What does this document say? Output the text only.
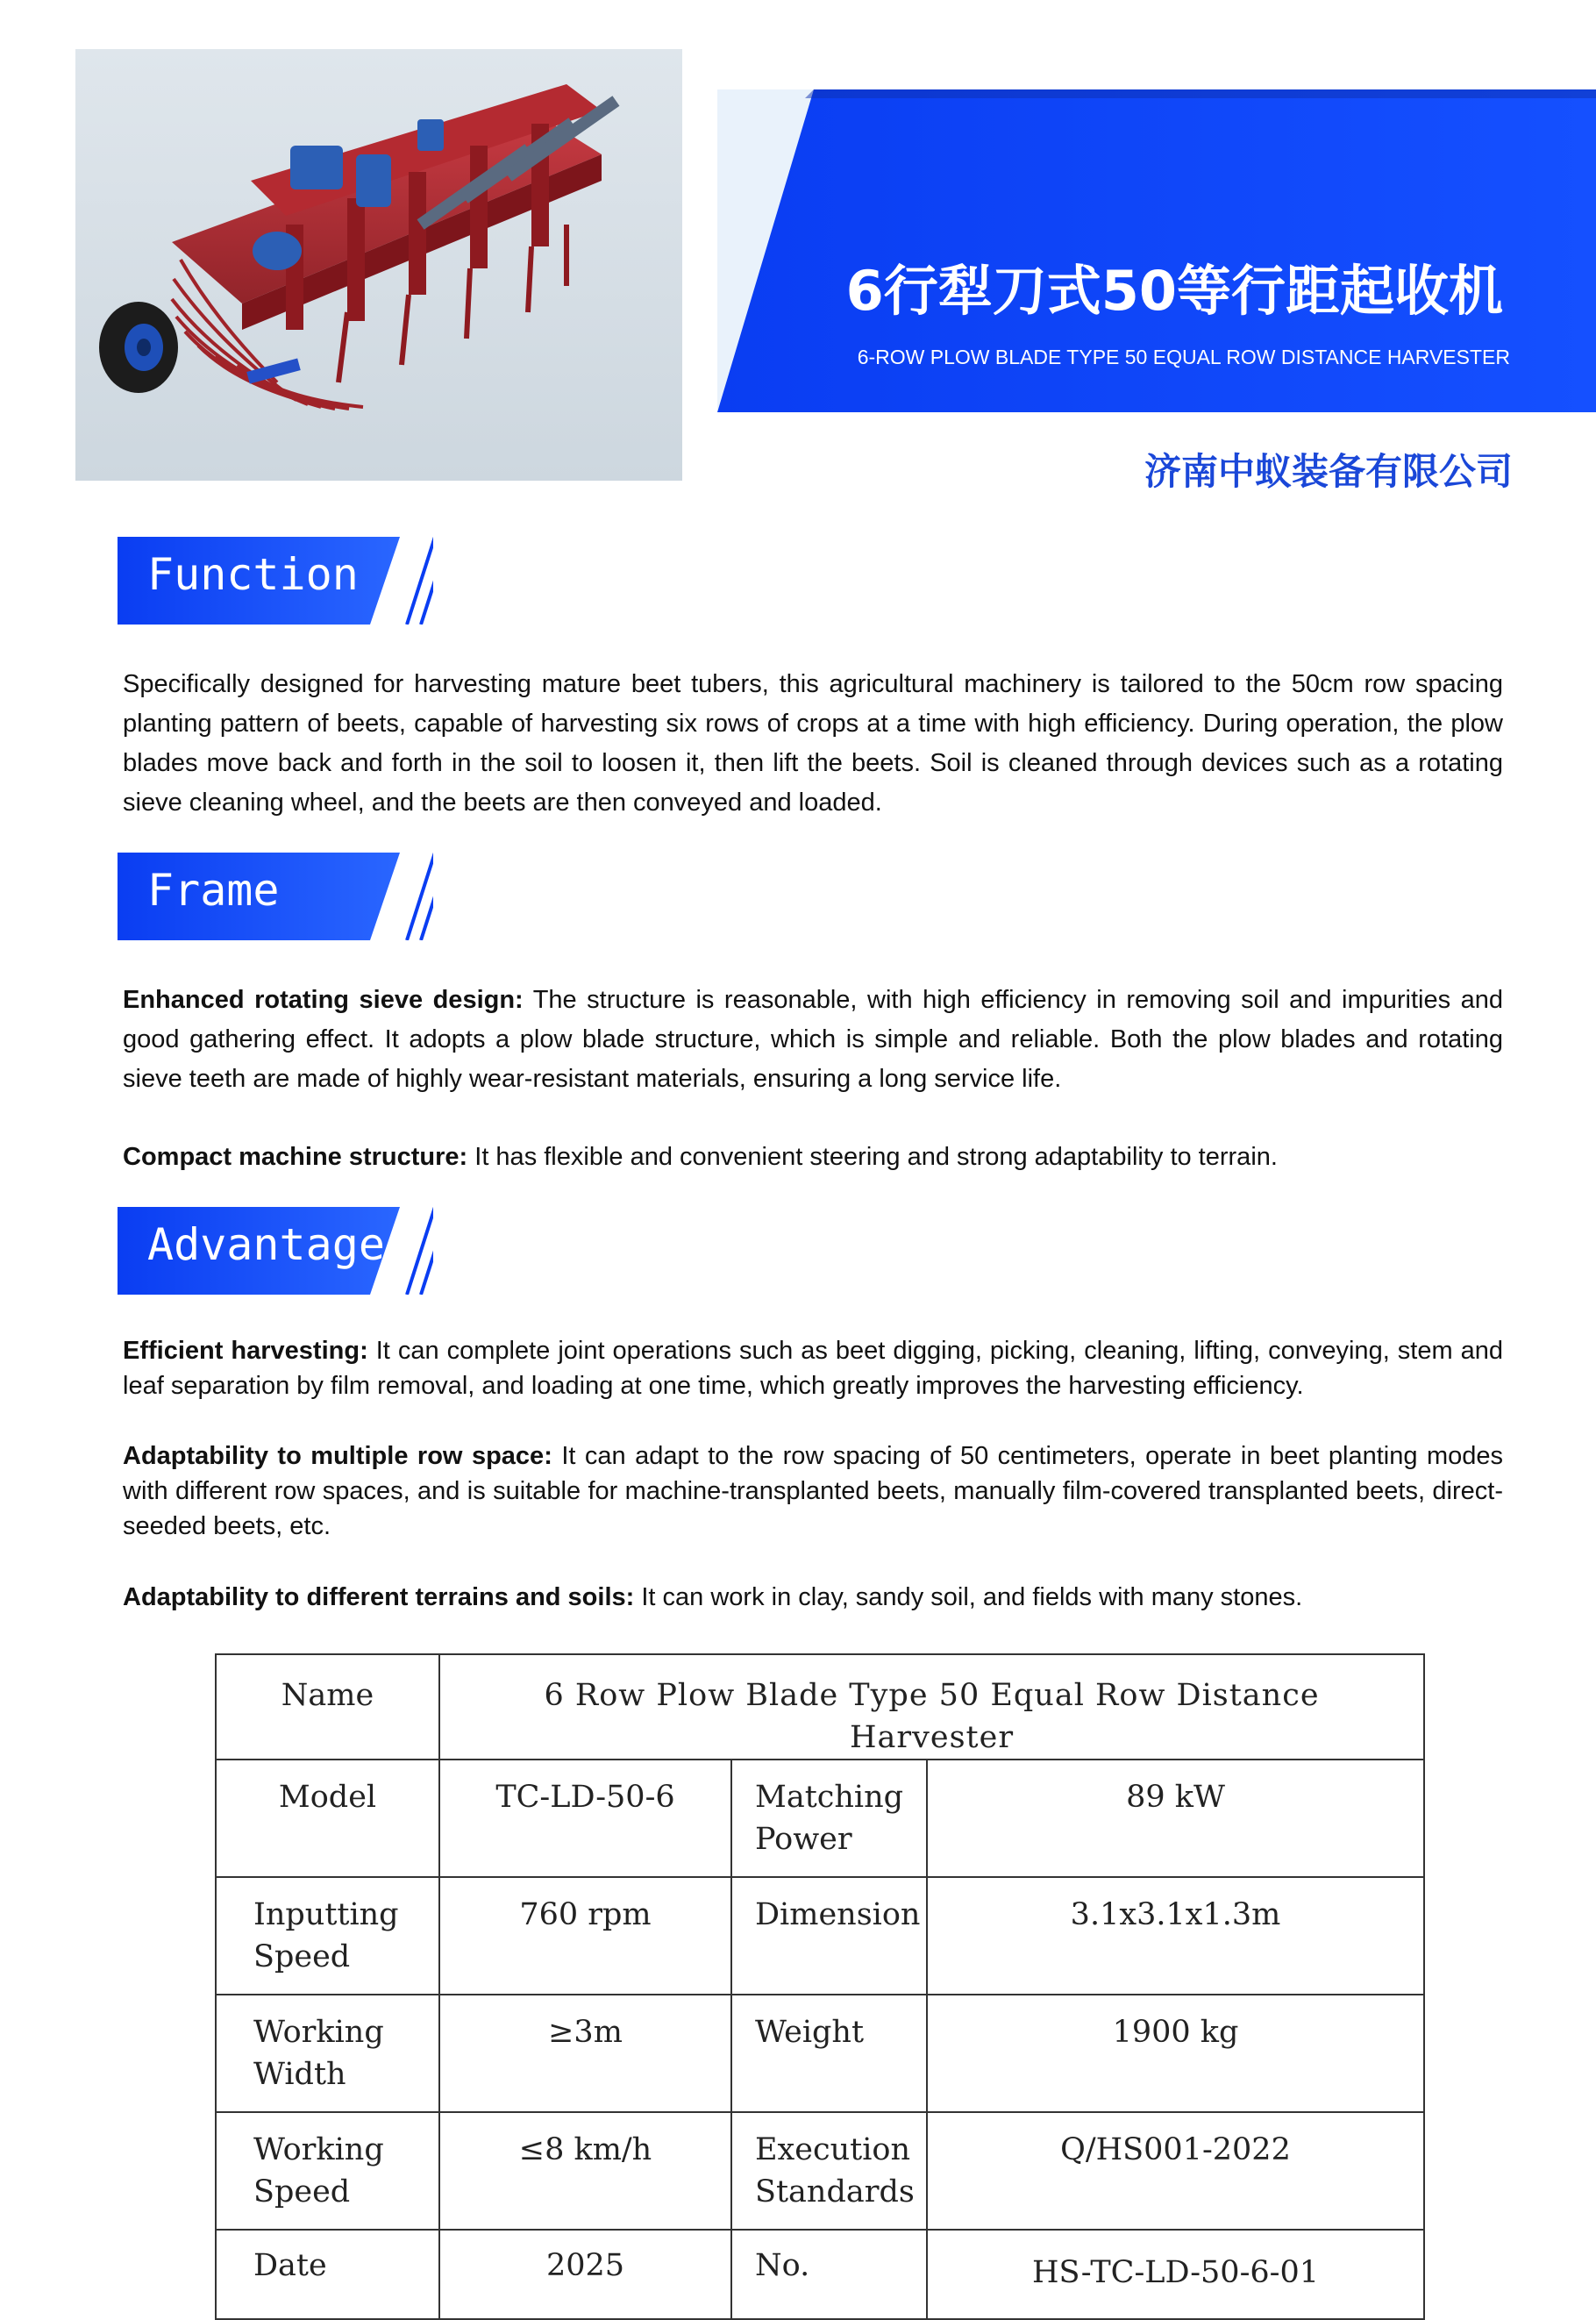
6行犁刀式50等行距起收机
6-ROW PLOW BLADE TYPE 50 EQUAL ROW DISTANCE HARVESTER
济南中蚁装备有限公司
Function
Specifically designed for harvesting mature beet tubers, this agricultural machinery is tailored to the 50cm row spacing planting pattern of beets, capable of harvesting six rows of crops at a time with high efficiency. During operation, the plow blades move back and forth in the soil to loosen it, then lift the beets. Soil is cleaned through devices such as a rotating sieve cleaning wheel, and the beets are then conveyed and loaded.
Frame
Enhanced rotating sieve design: The structure is reasonable, with high efficiency in removing soil and impurities and good gathering effect. It adopts a plow blade structure, which is simple and reliable. Both the plow blades and rotating sieve teeth are made of highly wear-resistant materials, ensuring a long service life.
Compact machine structure: It has flexible and convenient steering and strong adaptability to terrain.
Advantage
Efficient harvesting: It can complete joint operations such as beet digging, picking, cleaning, lifting, conveying, stem and leaf separation by film removal, and loading at one time, which greatly improves the harvesting efficiency.
Adaptability to multiple row space: It can adapt to the row spacing of 50 centimeters, operate in beet planting modes with different row spaces, and is suitable for machine-transplanted beets, manually film-covered transplanted beets, direct-seeded beets, etc.
Adaptability to different terrains and soils: It can work in clay, sandy soil, and fields with many stones.
Name	6 Row Plow Blade Type 50 Equal Row Distance Harvester		
Model	TC-LD-50-6	Matching Power	89 kW
Inputting Speed	760 rpm	Dimension	3.1x3.1x1.3m
Working Width	≥3m	Weight	1900 kg
Working Speed	≤8 km/h	Execution Standards	Q/HS001-2022
Date	2025	No.	HS-TC-LD-50-6-01
